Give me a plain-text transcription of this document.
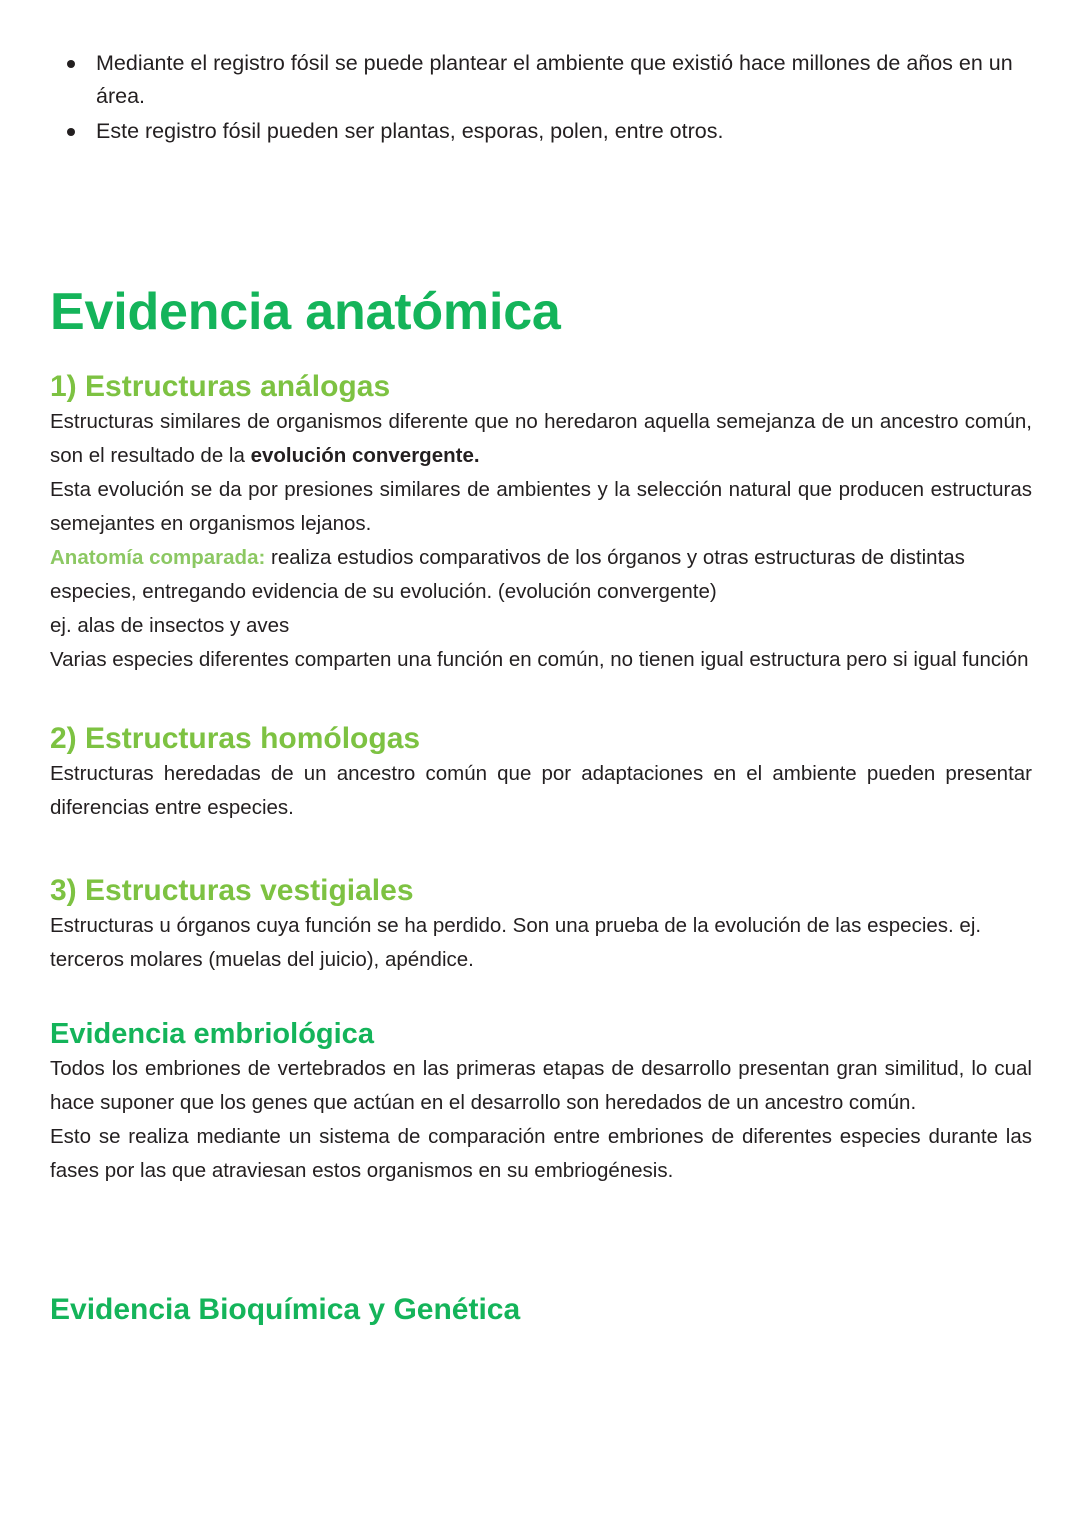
Mediante el registro fósil se puede plantear el ambiente que existió hace millones de años en un área.
Este registro fósil pueden ser plantas, esporas, polen, entre otros.
Evidencia anatómica
1) Estructuras análogas

Estructuras similares de organismos diferente que no heredaron aquella semejanza de un ancestro común, son el resultado de la evolución convergente.

Esta evolución se da por presiones similares de ambientes y la selección natural que producen estructuras semejantes en organismos lejanos.

Anatomía comparada: realiza estudios comparativos de los órganos y otras estructuras de distintas especies, entregando evidencia de su evolución. (evolución convergente)

ej. alas de insectos y aves

Varias especies diferentes comparten una función en común, no tienen igual estructura pero si igual función

2) Estructuras homólogas

Estructuras heredadas de un ancestro común que por adaptaciones en el ambiente pueden presentar diferencias entre especies.

3) Estructuras vestigiales

Estructuras u órganos cuya función se ha perdido. Son una prueba de la evolución de las especies. ej. terceros molares (muelas del juicio), apéndice.

Evidencia embriológica

Todos los embriones de vertebrados en las primeras etapas de desarrollo presentan gran similitud, lo cual hace suponer que los genes que actúan en el desarrollo son heredados de un ancestro común.

Esto se realiza mediante un sistema de comparación entre embriones de diferentes especies durante las fases por las que atraviesan estos organismos en su embriogénesis.

Evidencia Bioquímica y Genética
